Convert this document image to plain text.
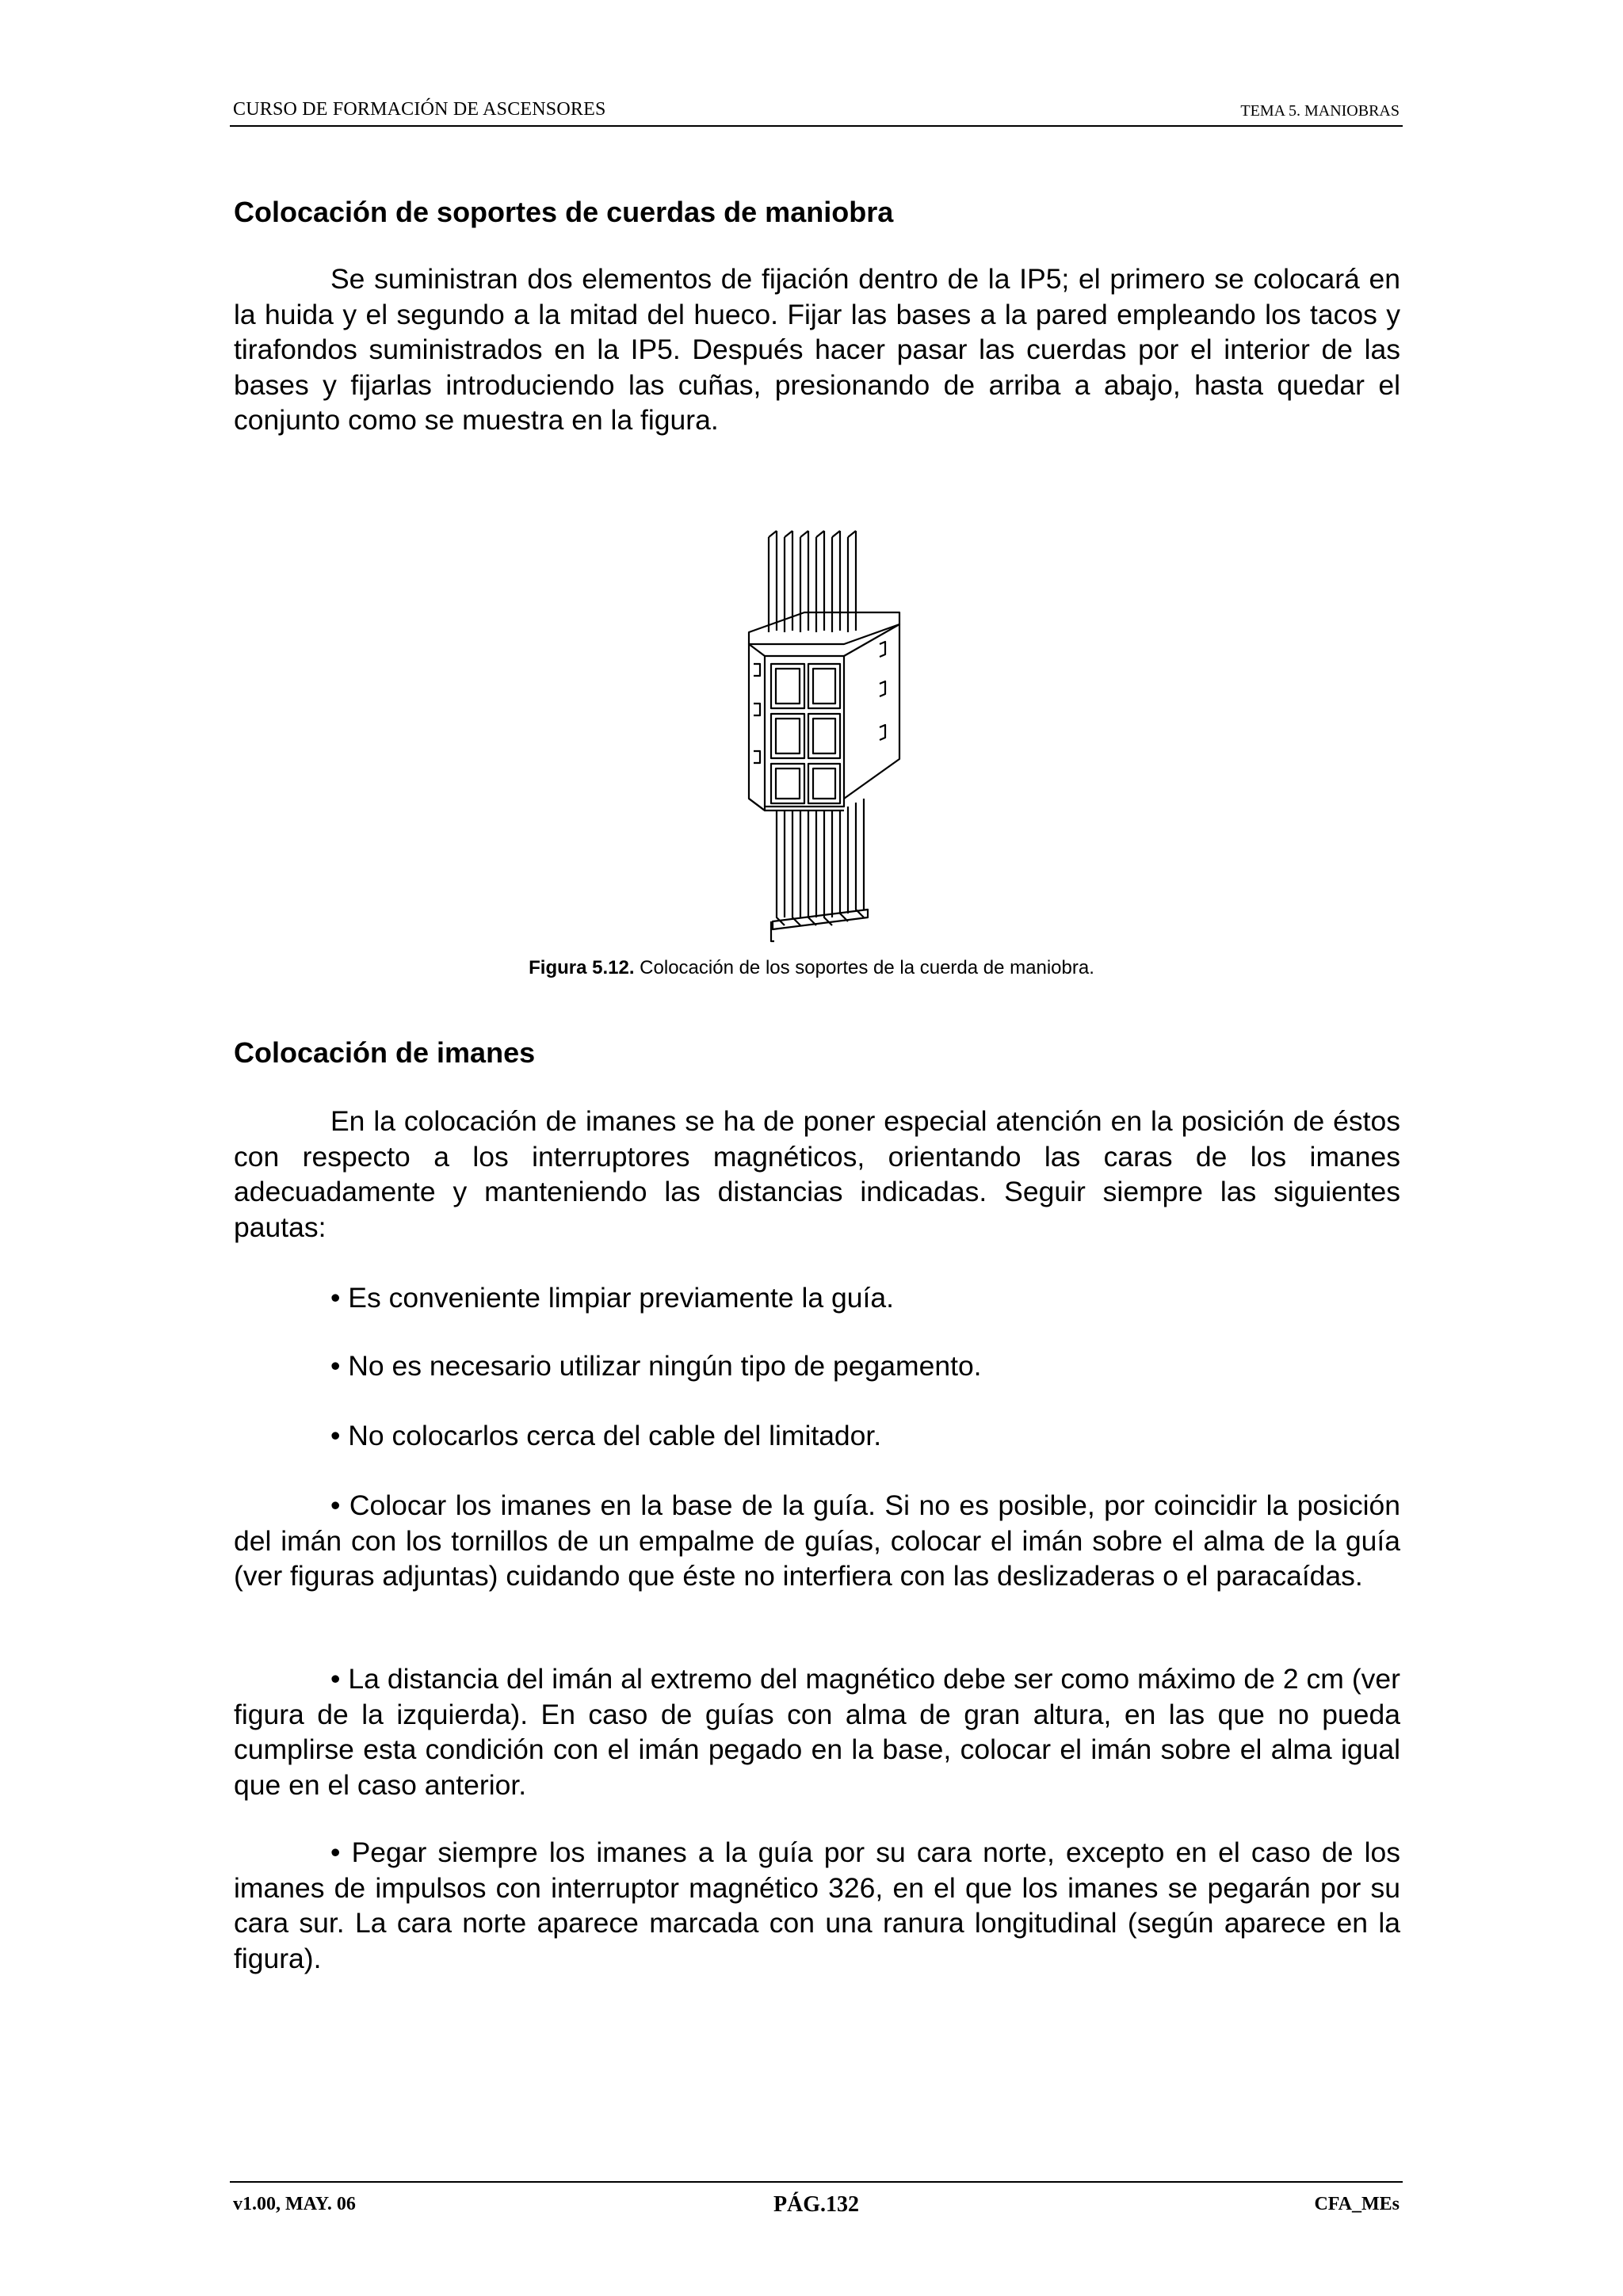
CURSO DE FORMACIÓN DE ASCENSORES	TEMA 5. MANIOBRAS
Colocación de soportes de cuerdas de maniobra

Se suministran dos elementos de fijación dentro de la IP5; el primero se colocará en la huida y el segundo a la mitad del hueco. Fijar las bases a la pared empleando los tacos y tirafondos suministrados en la IP5. Después hacer pasar las cuerdas por el interior de las bases y fijarlas introduciendo las cuñas, presionando de arriba a abajo, hasta quedar el conjunto como se muestra en la figura.

Figura 5.12. Colocación de los soportes de la cuerda de maniobra.
Colocación de imanes

En la colocación de imanes se ha de poner especial atención en la posición de éstos con respecto a los interruptores magnéticos, orientando las caras de los imanes adecuadamente y manteniendo las distancias indicadas. Seguir siempre las siguientes pautas:

• Es conveniente limpiar previamente la guía.

• No es necesario utilizar ningún tipo de pegamento.

• No colocarlos cerca del cable del limitador.

• Colocar los imanes en la base de la guía. Si no es posible, por coincidir la posición del imán con los tornillos de un empalme de guías, colocar el imán sobre el alma de la guía (ver figuras adjuntas) cuidando que éste no interfiera con las deslizaderas o el paracaídas.

• La distancia del imán al extremo del magnético debe ser como máximo de 2 cm (ver figura de la izquierda). En caso de guías con alma de gran altura, en las que no pueda cumplirse esta condición con el imán pegado en la base, colocar el imán sobre el alma igual que en el caso anterior.

• Pegar siempre los imanes a la guía por su cara norte, excepto en el caso de los imanes de impulsos con interruptor magnético 326, en el que los imanes se pegarán por su cara sur. La cara norte aparece marcada con una ranura longitudinal (según aparece en la figura).

v1.00, MAY. 06	PÁG.132	CFA_MEs
